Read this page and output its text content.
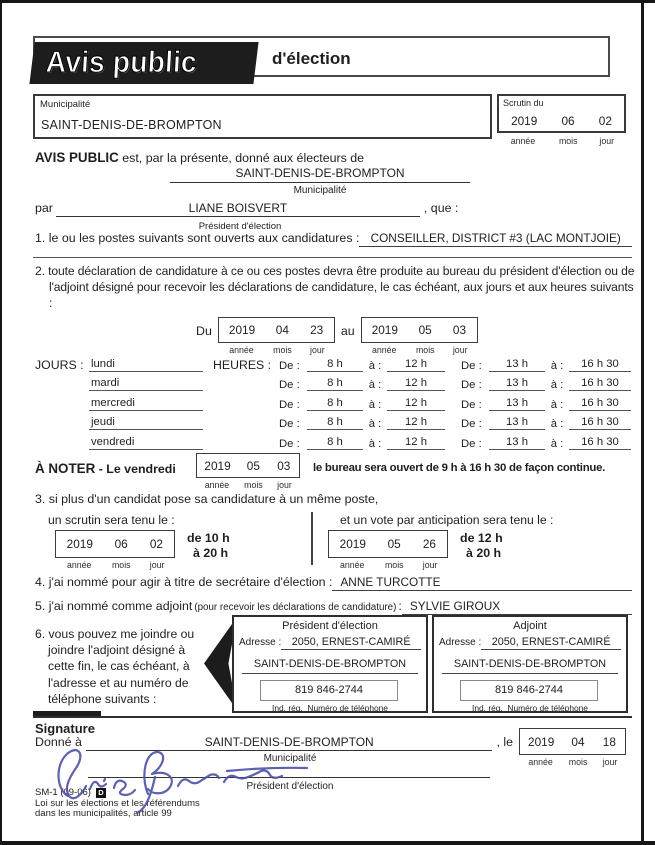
Avis public	d'élection
Municipalité
SAINT-DENIS-DE-BROMPTON
Scrutin du
2019	06	02
année	mois	jour
AVIS PUBLIC est, par la présente, donné aux électeurs de
SAINT-DENIS-DE-BROMPTON
Municipalité
par	LIANE BOISVERT	, que :
Président d'élection
1. le ou les postes suivants sont ouverts aux candidatures : CONSEILLER, DISTRICT #3 (LAC MONTJOIE)
2. toute déclaration de candidature à ce ou ces postes devra être produite au bureau du président d'élection ou de l'adjoint désigné pour recevoir les déclarations de candidature, le cas échéant, aux jours et aux heures suivants :
Du	2019	04	23
année	mois	jour
au	2019	05	03
année	mois	jour
JOURS : lundi	HEURES : De :	8 h	à :	12 h	De :	13 h	à :	16 h 30
mardi	De :	8 h	à :	12 h	De :	13 h	à :	16 h 30
mercredi	De :	8 h	à :	12 h	De :	13 h	à :	16 h 30
jeudi	De :	8 h	à :	12 h	De :	13 h	à :	16 h 30
vendredi	De :	8 h	à :	12 h	De :	13 h	à :	16 h 30
À NOTER - Le vendredi	2019	05	03
année	mois	jour
le bureau sera ouvert de 9 h à 16 h 30 de façon continue.
3. si plus d'un candidat pose sa candidature à un même poste,
un scrutin sera tenu le :	et un vote par anticipation sera tenu le :
2019	06	02
année	mois	jour
de 10 h
à 20 h
2019	05	26
année	mois	jour
de 12 h
à 20 h
4. j'ai nommé pour agir à titre de secrétaire d'élection : ANNE TURCOTTE
5. j'ai nommé comme adjoint (pour recevoir les déclarations de candidature) : SYLVIE GIROUX
6. vous pouvez me joindre ou
joindre l'adjoint désigné à
cette fin, le cas échéant, à
l'adresse et au numéro de
téléphone suivants :
Président d'élection
Adresse : 2050, ERNEST-CAMIRÉ
SAINT-DENIS-DE-BROMPTON
819 846-2744
Ind. rég.  Numéro de téléphone
Adjoint
Adresse : 2050, ERNEST-CAMIRÉ
SAINT-DENIS-DE-BROMPTON
819 846-2744
Ind. rég.  Numéro de téléphone
Signature
Donné à	SAINT-DENIS-DE-BROMPTON	, le
Municipalité
2019	04	18
année	mois	jour
Président d'élection
SM-1 (09-06) D
Loi sur les élections et les référendums
dans les municipalités, article 99
